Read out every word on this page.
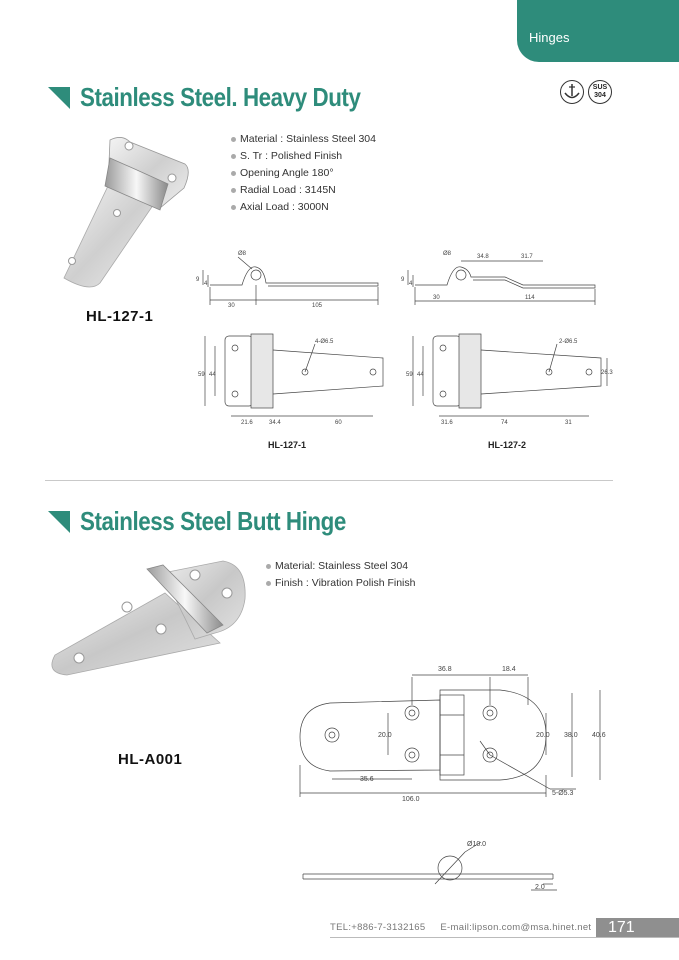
Hinges
Stainless Steel. Heavy Duty	SUS
304
Material : Stainless Steel 304
S. Tr : Polished Finish
Opening Angle 180°
Radial Load : 3145N
Axial Load : 3000N
HL-127-1
Ø8
9
4
30	105
Ø8	34.8	31.7
9
4
30	114
59 44
4-Ø6.5
21.6	34.4	60
59 44	26.3
2-Ø6.5
31.6	74	31
HL-127-1	HL-127-2
Stainless Steel Butt Hinge
Material: Stainless Steel 304
Finish : Vibration Polish Finish
HL-A001
36.8	18.4
20.0	20.0 38.0 40.6
35.6
106.0
5-Ø5.3
Ø10.0
2.0
TEL:+886-7-3132165 E-mail:lipson.com@msa.hinet.net 171
